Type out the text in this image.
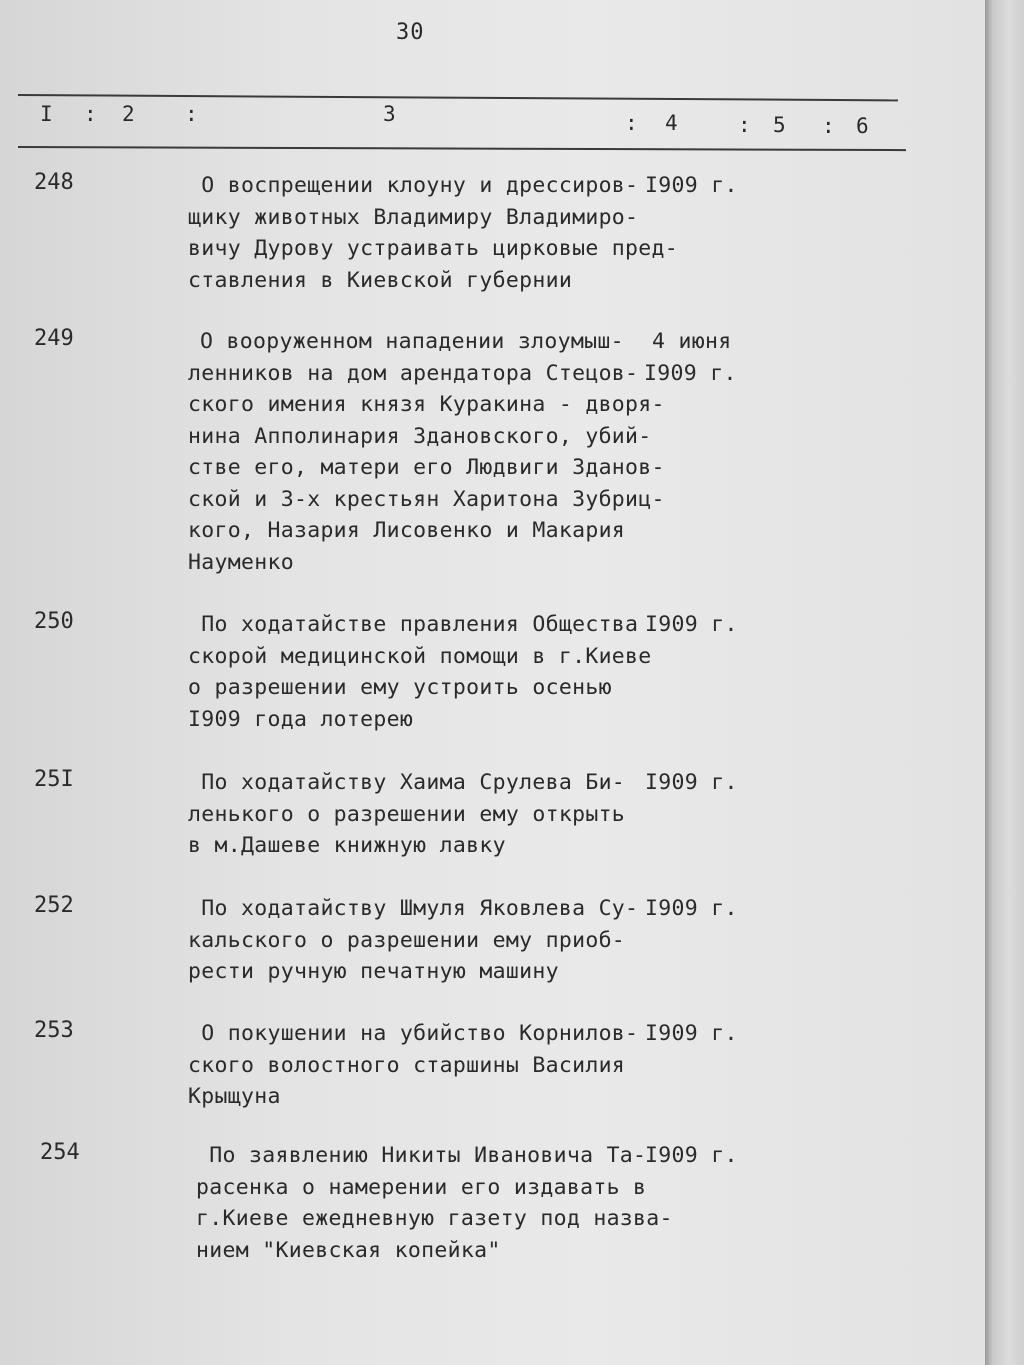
30
I : 2 :	3	: 4	: 5 : 6
248	О воспрещении клоуну и дрессиров-
щику животных Владимиру Владимиро-
вичу Дурову устраивать цирковые пред-
ставления в Киевской губернии
I909 г.
249	О вооруженном нападении злоумыш-
ленников на дом арендатора Стецов-
ского имения князя Куракина - дворя-
нина Апполинария Здановского, убий-
стве его, матери его Людвиги Зданов-
ской и 3-х крестьян Харитона Зубриц-
кого, Назария Лисовенко и Макария
Науменко
4 июня
I909 г.
250	По ходатайстве правления Общества
скорой медицинской помощи в г.Киеве
о разрешении ему устроить осенью
I909 года лотерею
I909 г.
25I	По ходатайству Хаима Срулева Би-
ленького о разрешении ему открыть
в м.Дашеве книжную лавку
I909 г.
252	По ходатайству Шмуля Яковлева Су-
кальского о разрешении ему приоб-
рести ручную печатную машину
I909 г.
253	О покушении на убийство Корнилов-
ского волостного старшины Василия
Крыщуна
I909 г.
254	По заявлению Никиты Ивановича Та-
расенка о намерении его издавать в
г.Киеве ежедневную газету под назва-
нием "Киевская копейка"
I909 г.
